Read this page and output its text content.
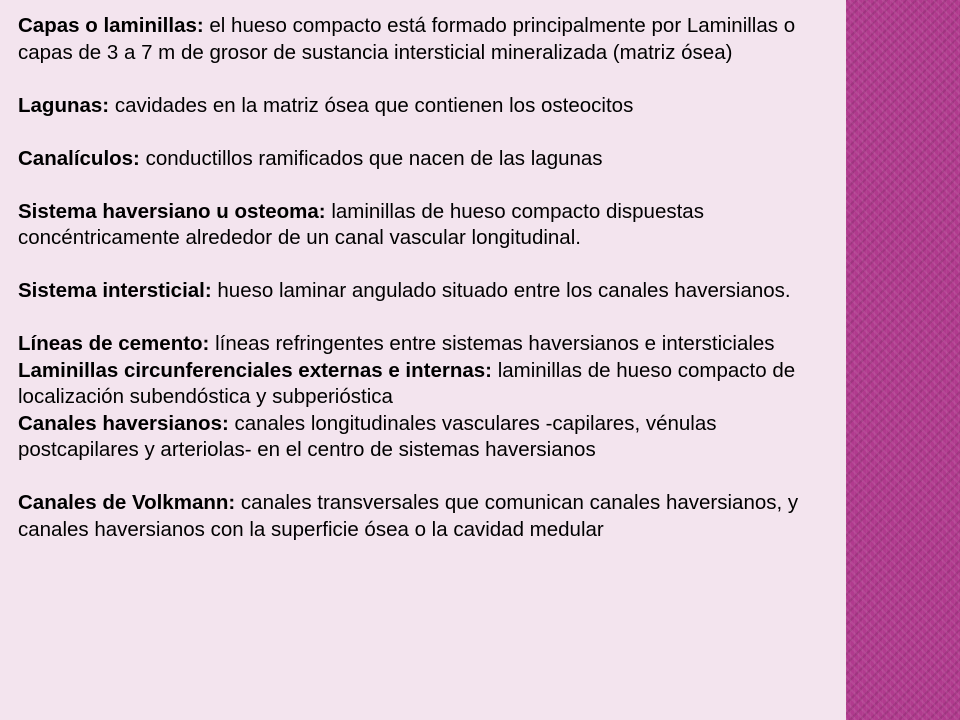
Capas o laminillas: el hueso compacto está formado principalmente por Laminillas o capas de 3 a 7 m de grosor de sustancia intersticial mineralizada (matriz ósea)

Lagunas: cavidades en la matriz ósea que contienen los osteocitos

Canalículos: conductillos ramificados que nacen de las lagunas

Sistema haversiano u osteoma: laminillas de hueso compacto dispuestas concéntricamente alrededor de un canal vascular longitudinal.

Sistema intersticial: hueso laminar angulado situado entre los canales haversianos.

Líneas de cemento: líneas refringentes entre sistemas haversianos e intersticiales

Laminillas circunferenciales externas e internas: laminillas de hueso compacto de localización subendóstica y subperióstica

Canales haversianos: canales longitudinales vasculares -capilares, vénulas postcapilares y arteriolas- en el centro de sistemas haversianos

Canales de Volkmann: canales transversales que comunican canales haversianos, y canales haversianos con la superficie ósea o la cavidad medular
